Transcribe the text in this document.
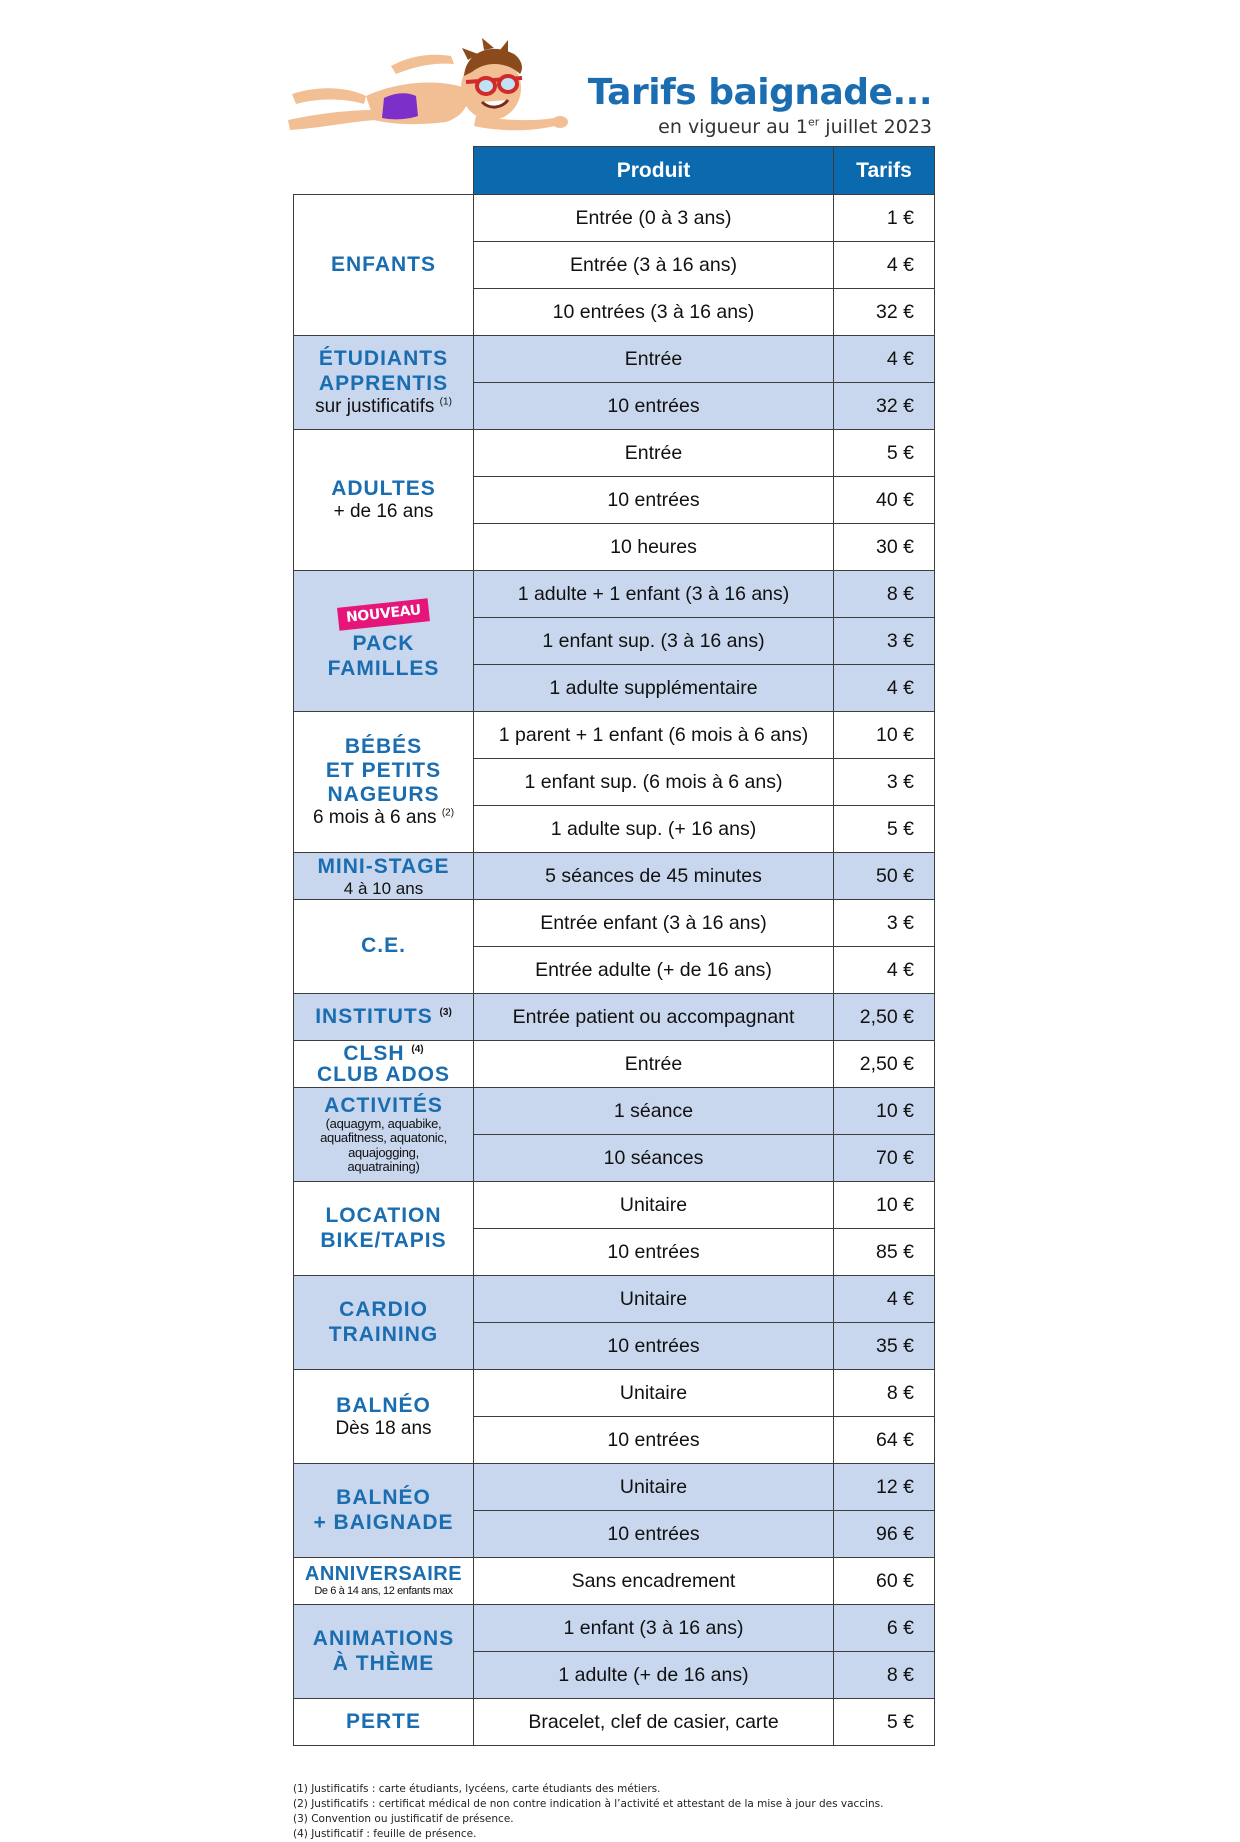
Tarifs baignade...
en vigueur au 1er juillet 2023
	Produit	Tarifs

ENFANTS	Entrée (0 à 3 ans)	1 €
	Entrée (3 à 16 ans)	4 €
	10 entrées (3 à 16 ans)	32 €

ÉTUDIANTS
APPRENTIS
sur justificatifs $^{(1)}$	Entrée	4 €
	10 entrées	32 €

ADULTES
+ de 16 ans	Entrée	5 €
	10 entrées	40 €
	10 heures	30 €
NOUVEAU
PACK
FAMILLES	1 adulte + 1 enfant (3 à 16 ans)	8 €
	1 enfant sup. (3 à 16 ans)	3 €
	1 adulte supplémentaire	4 €

BÉBÉS
ET PETITS
NAGEURS
6 mois à 6 ans $^{(2)}$	1 parent + 1 enfant (6 mois à 6 ans)	10 €
	1 enfant sup. (6 mois à 6 ans)	3 €
	1 adulte sup. (+ 16 ans)	5 €

MINI-STAGE
4 à 10 ans	5 séances de 45 minutes	50 €

C.E.	Entrée enfant (3 à 16 ans)	3 €
	Entrée adulte (+ de 16 ans)	4 €

INSTITUTS $^{(3)}$	Entrée patient ou accompagnant	2,50 €

CLSH $^{(4)}$
CLUB ADOS	Entrée	2,50 €

ACTIVITÉS
(aquagym, aquabike,
aquafitness, aquatonic,
aquajogging,
aquatraining)	1 séance	10 €
	10 séances	70 €

LOCATION
BIKE/TAPIS	Unitaire	10 €
	10 entrées	85 €

CARDIO
TRAINING	Unitaire	4 €
	10 entrées	35 €

BALNÉO
Dès 18 ans	Unitaire	8 €
	10 entrées	64 €

BALNÉO
+ BAIGNADE	Unitaire	12 €
	10 entrées	96 €

ANNIVERSAIRE
De 6 à 14 ans, 12 enfants max	Sans encadrement	60 €

ANIMATIONS
À THÈME	1 enfant (3 à 16 ans)	6 €
	1 adulte (+ de 16 ans)	8 €

PERTE	Bracelet, clef de casier, carte	5 €
(1) Justificatifs : carte étudiants, lycéens, carte étudiants des métiers.
(2) Justificatifs : certificat médical de non contre indication à l’activité et attestant de la mise à jour des vaccins.
(3) Convention ou justificatif de présence.
(4) Justificatif : feuille de présence.
